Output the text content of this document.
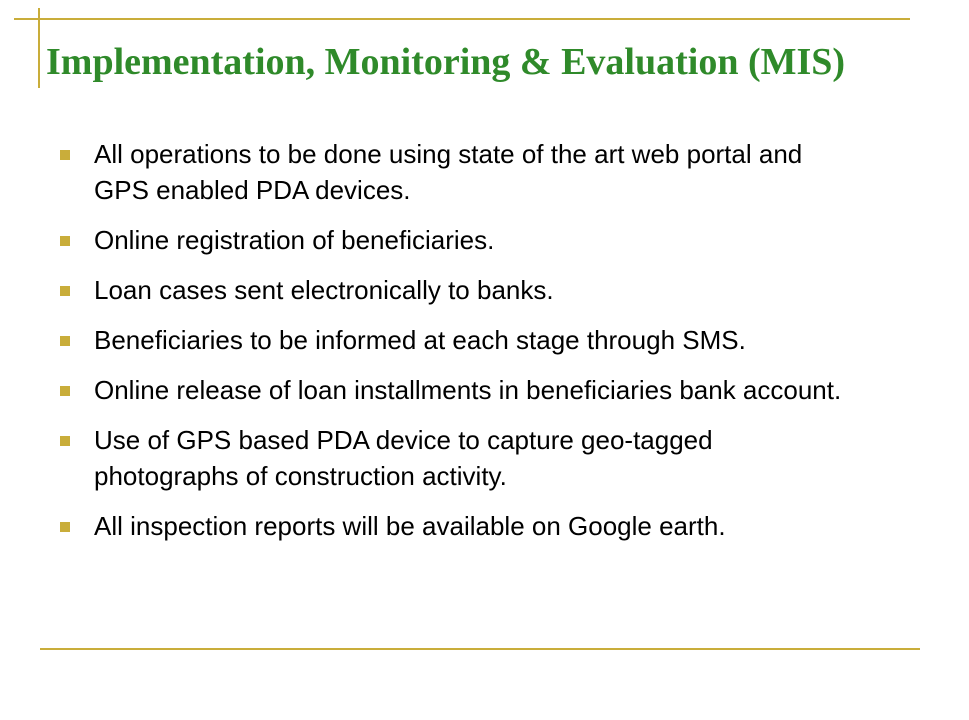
Implementation, Monitoring & Evaluation (MIS)
All operations to be done using state of the art web portal and GPS enabled PDA devices.
Online registration of beneficiaries.
Loan cases sent electronically to banks.
Beneficiaries to be informed at each stage through SMS.
Online release of loan installments in beneficiaries bank account.
Use of GPS based PDA device to capture geo-tagged photographs of construction activity.
All inspection reports will be available on Google earth.
